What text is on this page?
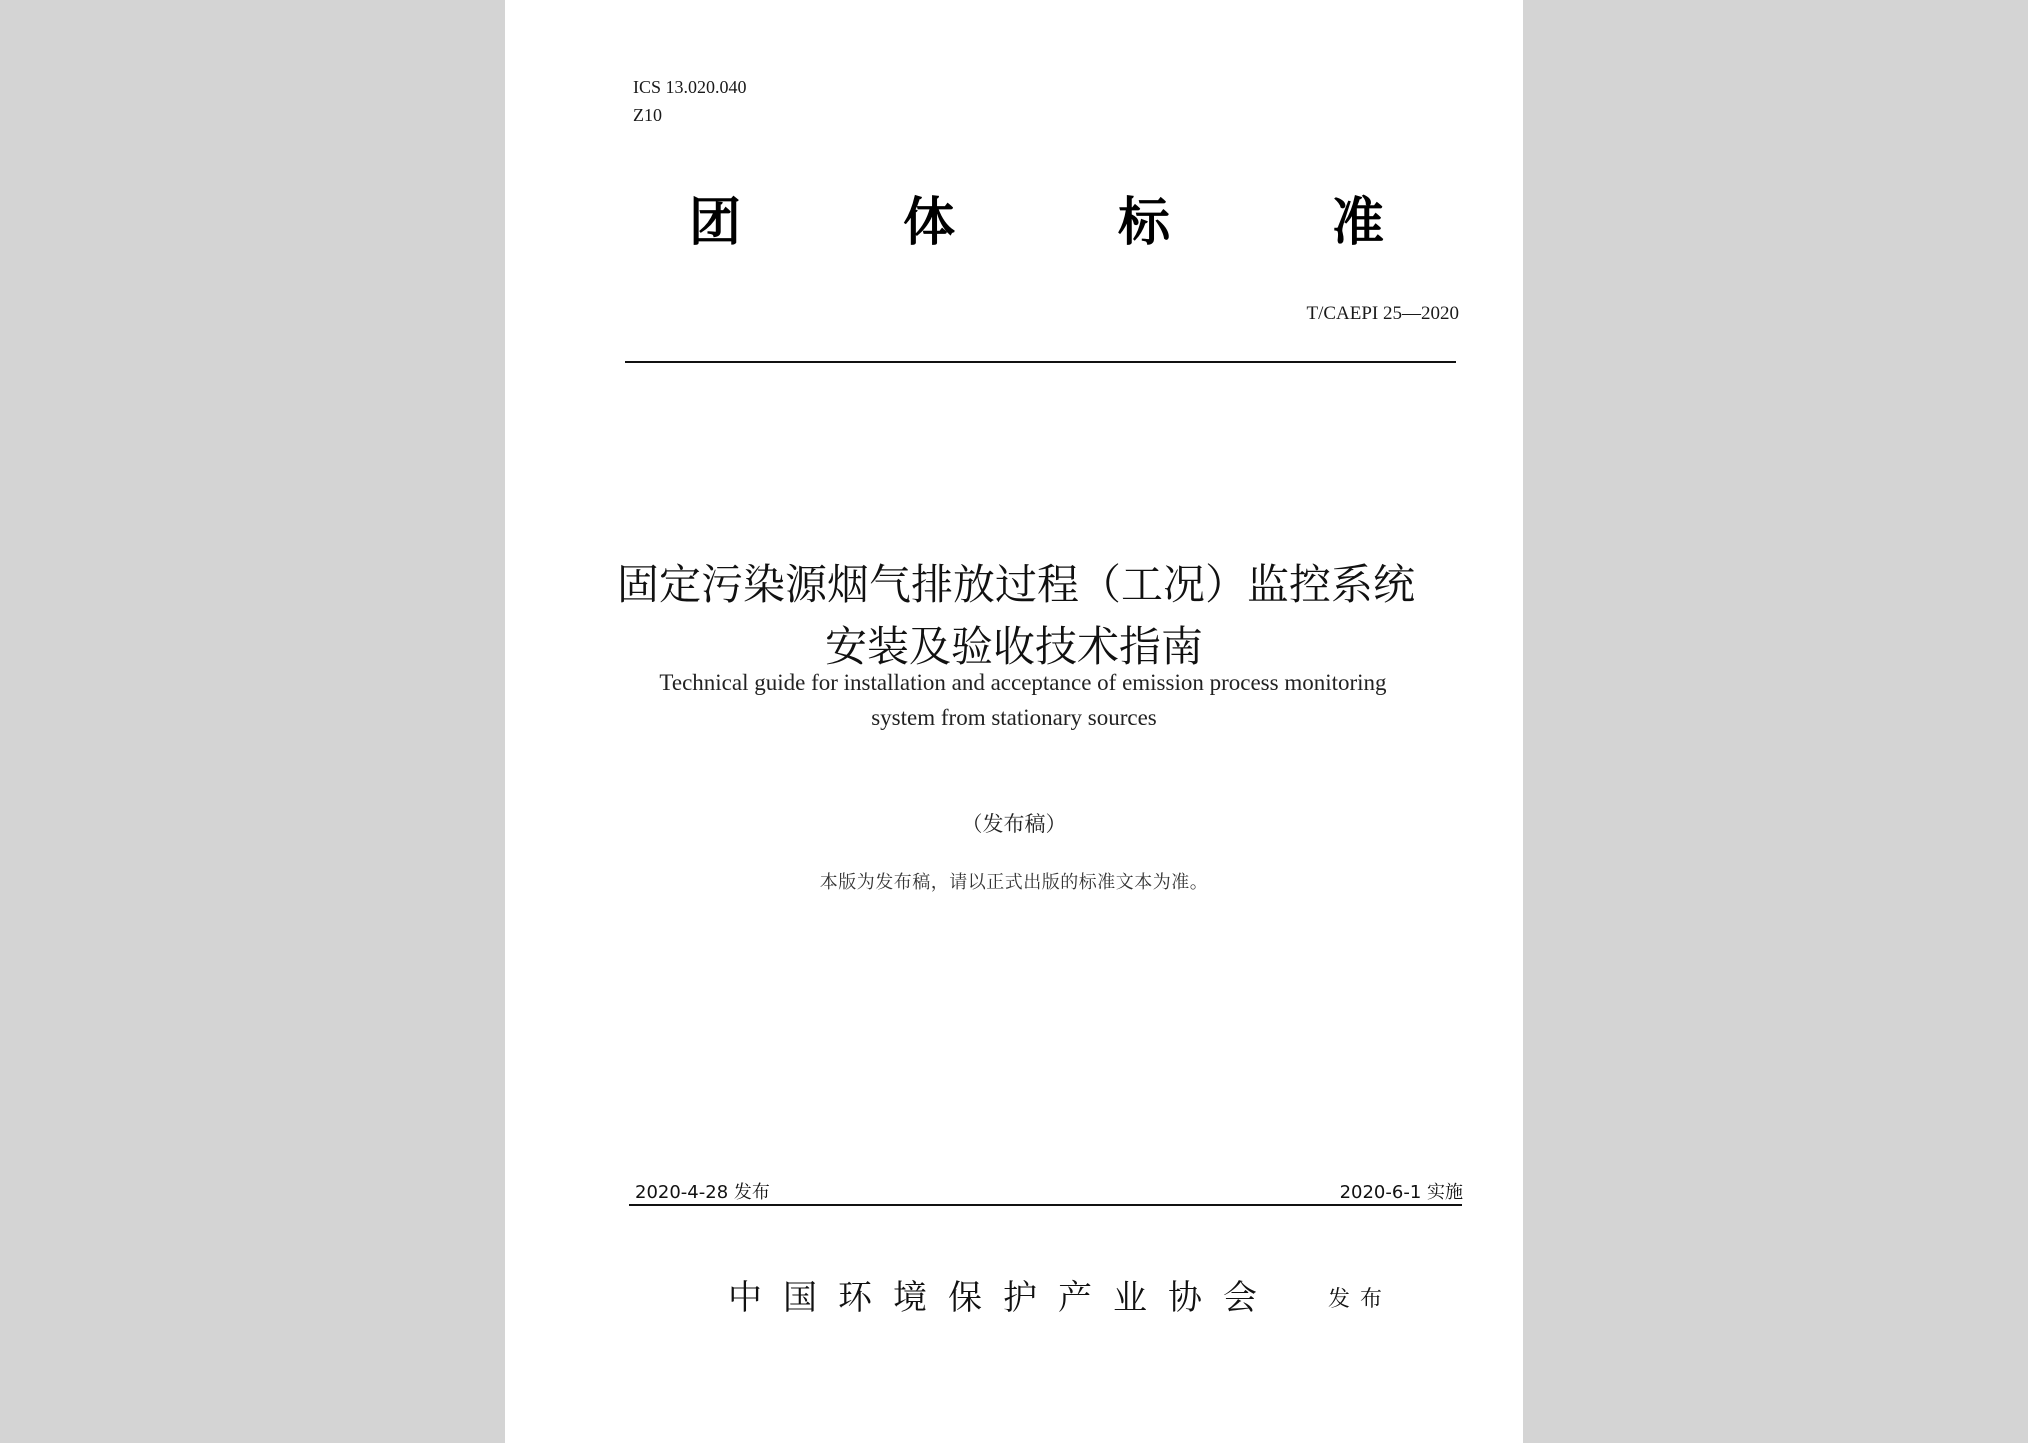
ICS 13.020.040
Z10
团	体	标	准
T/CAEPI 25—2020
固定污染源烟气排放过程（工况）监控系统
安装及验收技术指南
Technical guide for installation and acceptance of emission process monitoring
system from stationary sources
（发布稿）
本版为发布稿，请以正式出版的标准文本为准。
2020-4-28 发布	2020-6-1 实施
中国环境保护产业协会 发布
